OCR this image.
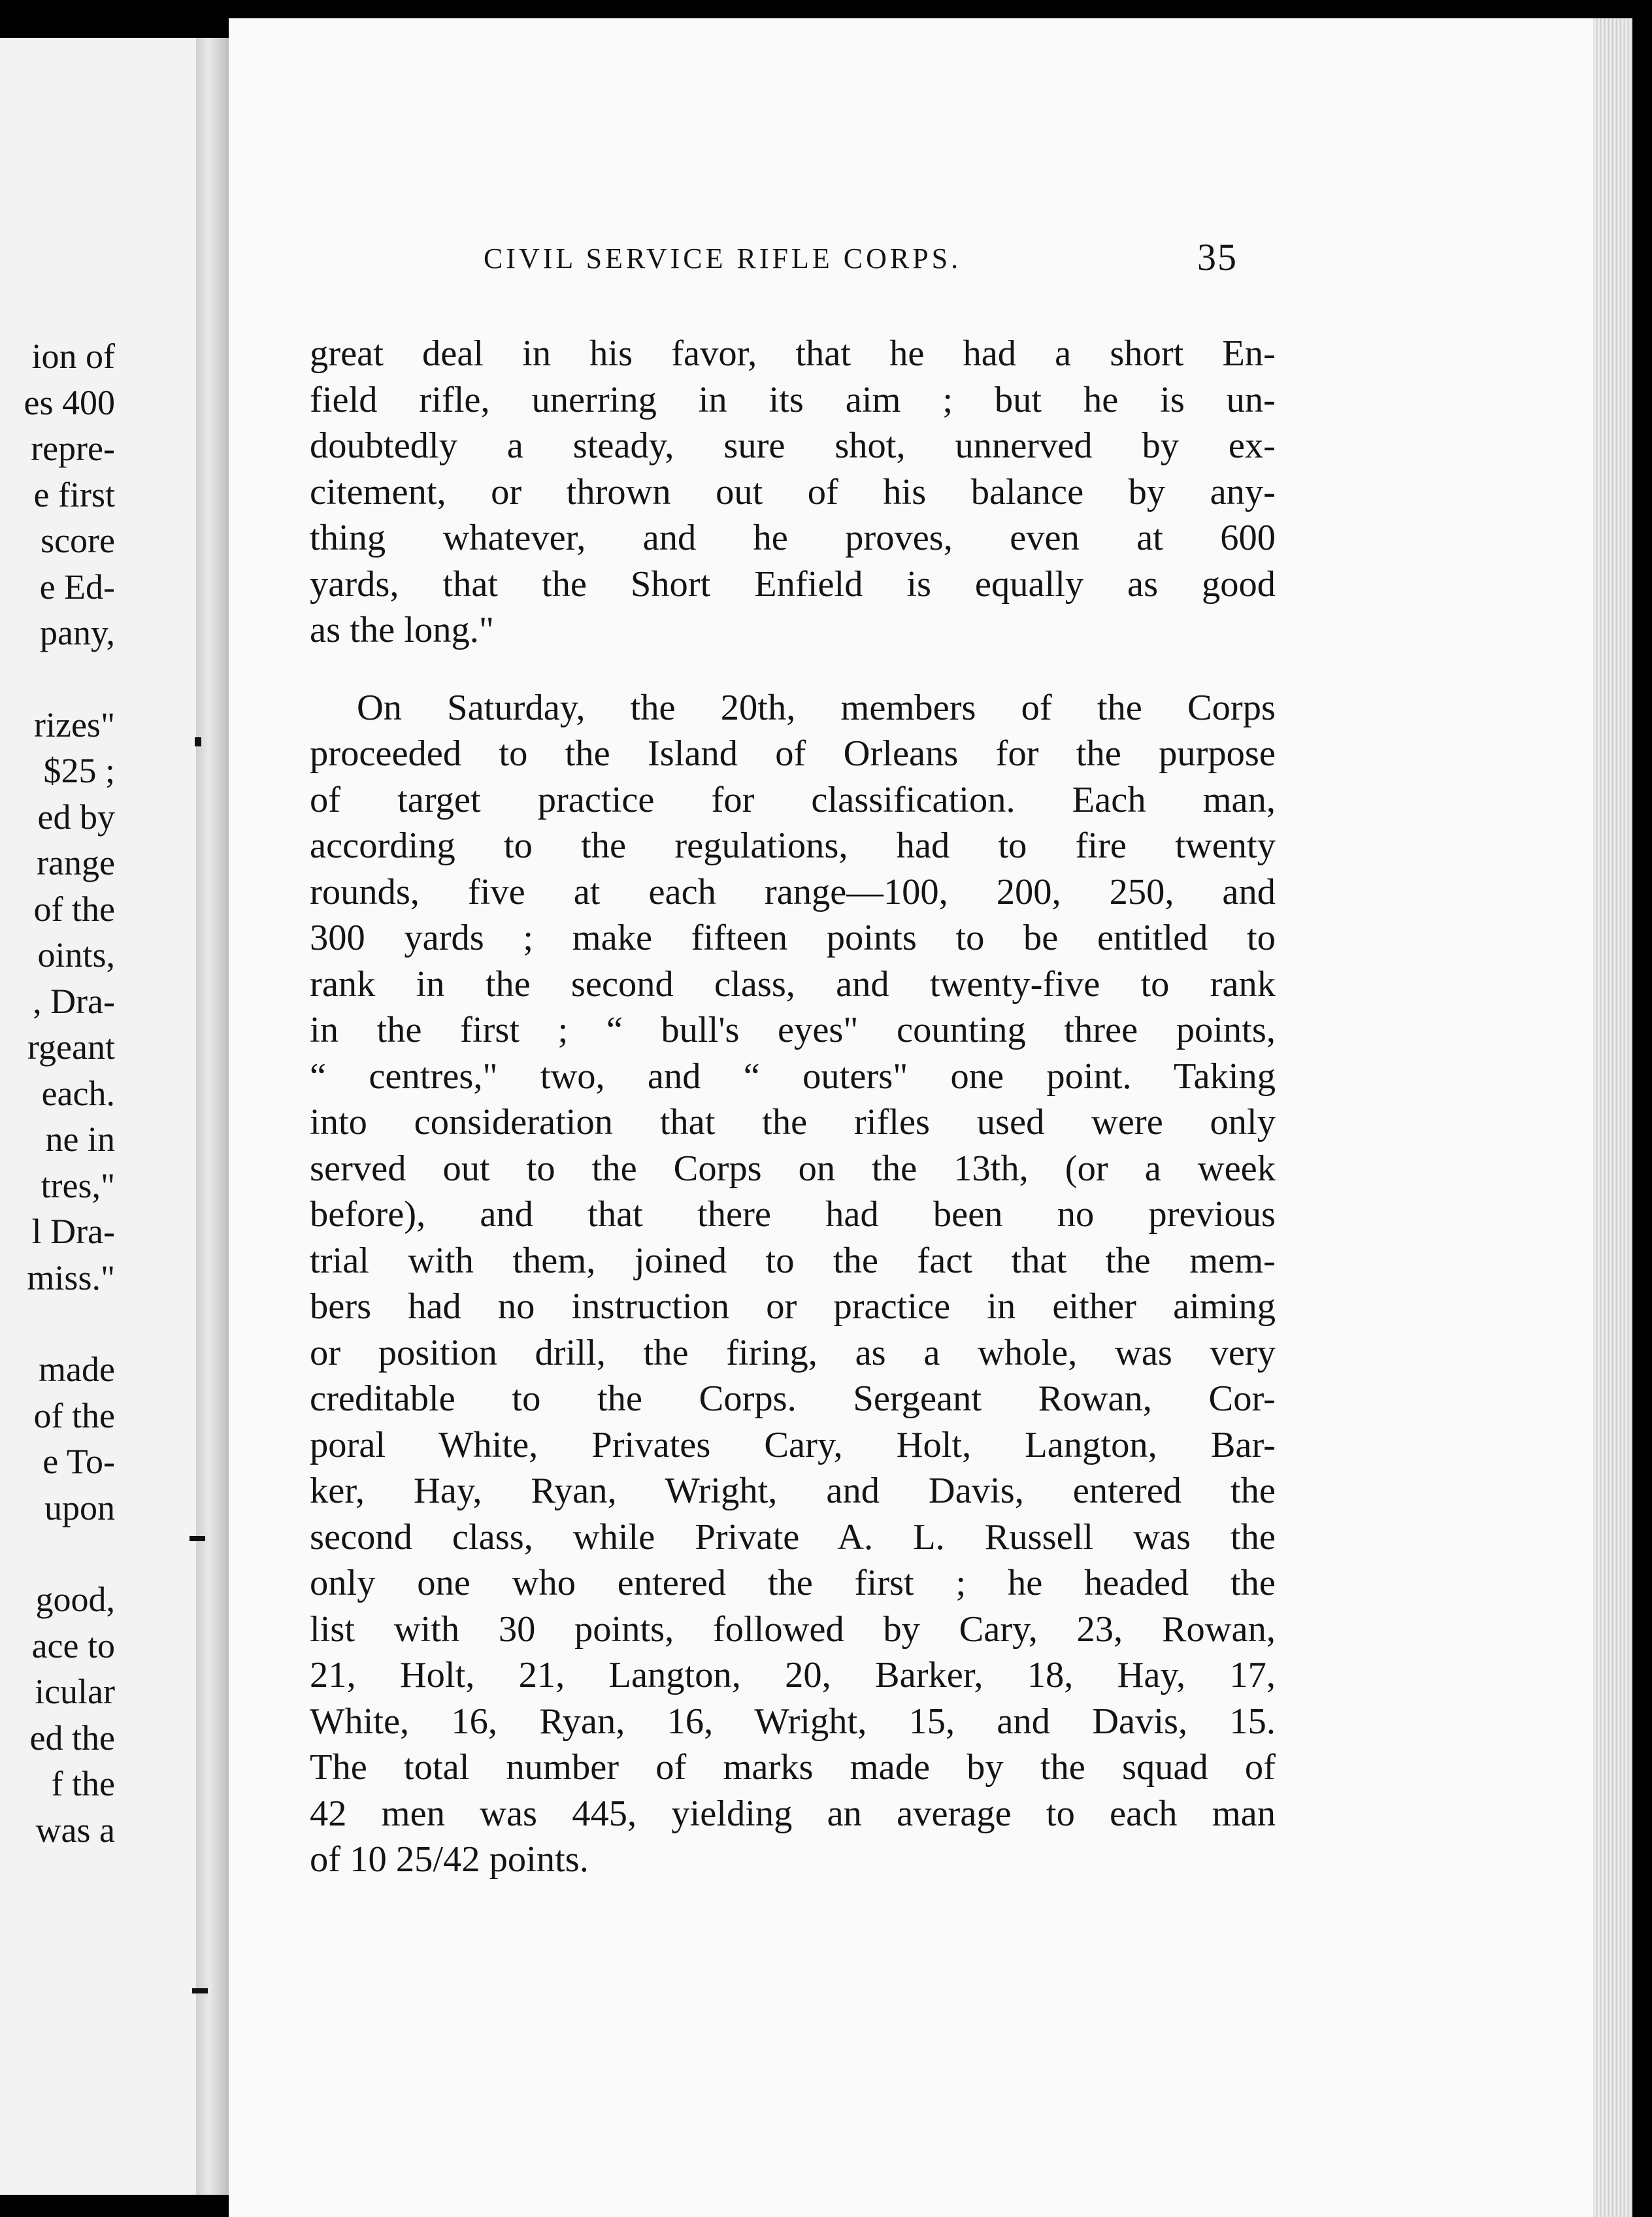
ion of
es 400
repre-
e first
score
e Ed-
pany,
rizes"
$25 ;
ed by
range
of the
oints,
, Dra-
rgeant
each.
ne in
tres,"
l Dra-
miss."
made
of the
e To-
upon
good,
ace to
icular
ed the
f the
was a
CIVIL SERVICE RIFLE CORPS.	35
great deal in his favor, that he had a short En-
field rifle, unerring in its aim ; but he is un-
doubtedly a steady, sure shot, unnerved by ex-
citement, or thrown out of his balance by any-
thing whatever, and he proves, even at 600
yards, that the Short Enfield is equally as good
as the long."
On Saturday, the 20th, members of the Corps
proceeded to the Island of Orleans for the purpose
of target practice for classification. Each man,
according to the regulations, had to fire twenty
rounds, five at each range—100, 200, 250, and
300 yards ; make fifteen points to be entitled to
rank in the second class, and twenty-five to rank
in the first ; “ bull's eyes" counting three points,
“ centres," two, and “ outers" one point. Taking
into consideration that the rifles used were only
served out to the Corps on the 13th, (or a week
before), and that there had been no previous
trial with them, joined to the fact that the mem-
bers had no instruction or practice in either aiming
or position drill, the firing, as a whole, was very
creditable to the Corps. Sergeant Rowan, Cor-
poral White, Privates Cary, Holt, Langton, Bar-
ker, Hay, Ryan, Wright, and Davis, entered the
second class, while Private A. L. Russell was the
only one who entered the first ; he headed the
list with 30 points, followed by Cary, 23, Rowan,
21, Holt, 21, Langton, 20, Barker, 18, Hay, 17,
White, 16, Ryan, 16, Wright, 15, and Davis, 15.
The total number of marks made by the squad of
42 men was 445, yielding an average to each man
of 10 25/42 points.
